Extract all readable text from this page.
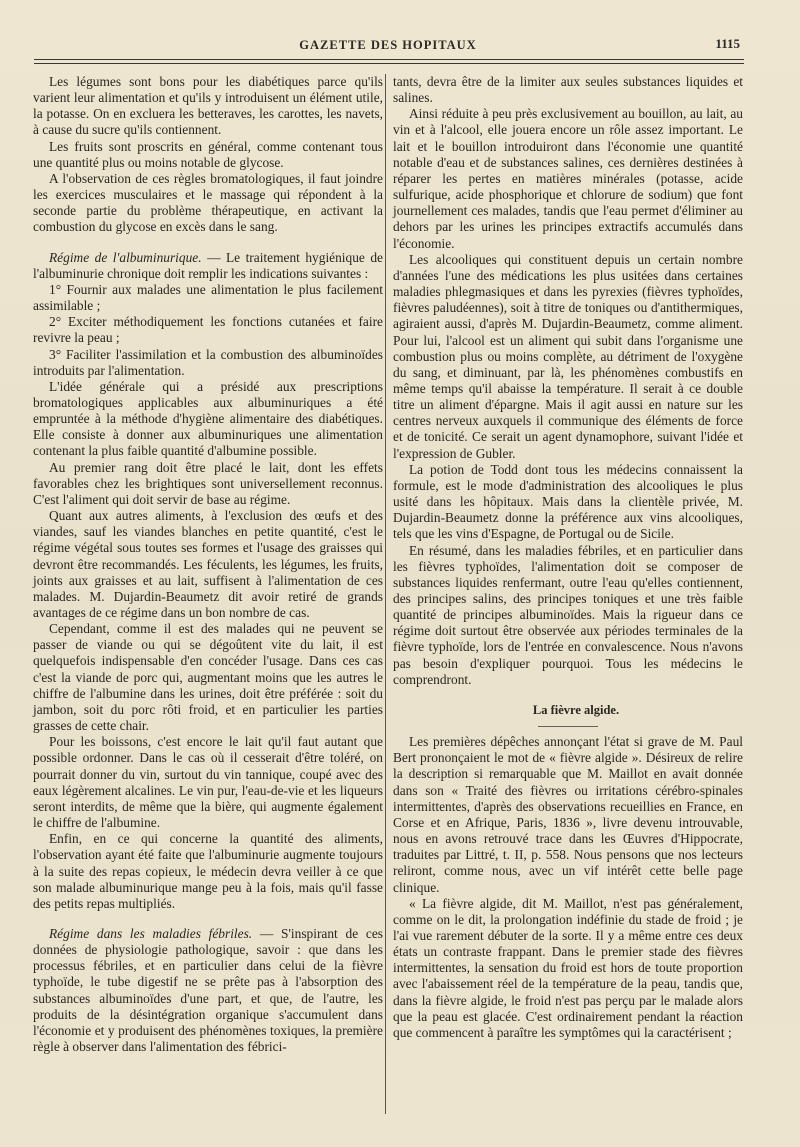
GAZETTE DES HOPITAUX	1115

Les légumes sont bons pour les diabétiques parce qu'ils varient leur alimentation et qu'ils y introduisent un élément utile, la potasse. On en excluera les betteraves, les carottes, les navets, à cause du sucre qu'ils contiennent.

Les fruits sont proscrits en général, comme contenant tous une quantité plus ou moins notable de glycose.

A l'observation de ces règles bromatologiques, il faut joindre les exercices musculaires et le massage qui répondent à la seconde partie du problème thérapeutique, en activant la combustion du glycose en excès dans le sang.

Régime de l'albuminurique. — Le traitement hygiénique de l'albuminurie chronique doit remplir les indications suivantes :

1° Fournir aux malades une alimentation le plus facilement assimilable ;

2° Exciter méthodiquement les fonctions cutanées et faire revivre la peau ;

3° Faciliter l'assimilation et la combustion des albuminoïdes introduits par l'alimentation.

L'idée générale qui a présidé aux prescriptions bromatologiques applicables aux albuminuriques a été empruntée à la méthode d'hygiène alimentaire des diabétiques. Elle consiste à donner aux albuminuriques une alimentation contenant la plus faible quantité d'albumine possible.

Au premier rang doit être placé le lait, dont les effets favorables chez les brightiques sont universellement reconnus. C'est l'aliment qui doit servir de base au régime.

Quant aux autres aliments, à l'exclusion des œufs et des viandes, sauf les viandes blanches en petite quantité, c'est le régime végétal sous toutes ses formes et l'usage des graisses qui devront être recommandés. Les féculents, les légumes, les fruits, joints aux graisses et au lait, suffisent à l'alimentation de ces malades. M. Dujardin-Beaumetz dit avoir retiré de grands avantages de ce régime dans un bon nombre de cas.

Cependant, comme il est des malades qui ne peuvent se passer de viande ou qui se dégoûtent vite du lait, il est quelquefois indispensable d'en concéder l'usage. Dans ces cas c'est la viande de porc qui, augmentant moins que les autres le chiffre de l'albumine dans les urines, doit être préférée : soit du jambon, soit du porc rôti froid, et en particulier les parties grasses de cette chair.

Pour les boissons, c'est encore le lait qu'il faut autant que possible ordonner. Dans le cas où il cesserait d'être toléré, on pourrait donner du vin, surtout du vin tannique, coupé avec des eaux légèrement alcalines. Le vin pur, l'eau-de-vie et les liqueurs seront interdits, de même que la bière, qui augmente également le chiffre de l'albumine.

Enfin, en ce qui concerne la quantité des aliments, l'observation ayant été faite que l'albuminurie augmente toujours à la suite des repas copieux, le médecin devra veiller à ce que son malade albuminurique mange peu à la fois, mais qu'il fasse des petits repas multipliés.

Régime dans les maladies fébriles. — S'inspirant de ces données de physiologie pathologique, savoir : que dans les processus fébriles, et en particulier dans celui de la fièvre typhoïde, le tube digestif ne se prête pas à l'absorption des substances albuminoïdes d'une part, et que, de l'autre, les produits de la désintégration organique s'accumulent dans l'économie et y produisent des phénomènes toxiques, la première règle à observer dans l'alimentation des fébrici-

tants, devra être de la limiter aux seules substances liquides et salines.

Ainsi réduite à peu près exclusivement au bouillon, au lait, au vin et à l'alcool, elle jouera encore un rôle assez important. Le lait et le bouillon introduiront dans l'économie une quantité notable d'eau et de substances salines, ces dernières destinées à réparer les pertes en matières minérales (potasse, acide sulfurique, acide phosphorique et chlorure de sodium) que font journellement ces malades, tandis que l'eau permet d'éliminer au dehors par les urines les principes extractifs accumulés dans l'économie.

Les alcooliques qui constituent depuis un certain nombre d'années l'une des médications les plus usitées dans certaines maladies phlegmasiques et dans les pyrexies (fièvres typhoïdes, fièvres paludéennes), soit à titre de toniques ou d'antithermiques, agiraient aussi, d'après M. Dujardin-Beaumetz, comme aliment. Pour lui, l'alcool est un aliment qui subit dans l'organisme une combustion plus ou moins complète, au détriment de l'oxygène du sang, et diminuant, par là, les phénomènes combustifs en même temps qu'il abaisse la température. Il serait à ce double titre un aliment d'épargne. Mais il agit aussi en nature sur les centres nerveux auxquels il communique des éléments de force et de tonicité. Ce serait un agent dynamophore, suivant l'idée et l'expression de Gubler.

La potion de Todd dont tous les médecins connaissent la formule, est le mode d'administration des alcooliques le plus usité dans les hôpitaux. Mais dans la clientèle privée, M. Dujardin-Beaumetz donne la préférence aux vins alcooliques, tels que les vins d'Espagne, de Portugal ou de Sicile.

En résumé, dans les maladies fébriles, et en particulier dans les fièvres typhoïdes, l'alimentation doit se composer de substances liquides renfermant, outre l'eau qu'elles contiennent, des principes salins, des principes toniques et une très faible quantité de principes albuminoïdes. Mais la rigueur dans ce régime doit surtout être observée aux périodes terminales de la fièvre typhoïde, lors de l'entrée en convalescence. Nous n'avons pas besoin d'expliquer pourquoi. Tous les médecins le comprendront.

La fièvre algide.

Les premières dépêches annonçant l'état si grave de M. Paul Bert prononçaient le mot de « fièvre algide ». Désireux de relire la description si remarquable que M. Maillot en avait donnée dans son « Traité des fièvres ou irritations cérébro-spinales intermittentes, d'après des observations recueillies en France, en Corse et en Afrique, Paris, 1836 », livre devenu introuvable, nous en avons retrouvé trace dans les Œuvres d'Hippocrate, traduites par Littré, t. II, p. 558. Nous pensons que nos lecteurs reliront, comme nous, avec un vif intérêt cette belle page clinique.

« La fièvre algide, dit M. Maillot, n'est pas généralement, comme on le dit, la prolongation indéfinie du stade de froid ; je l'ai vue rarement débuter de la sorte. Il y a même entre ces deux états un contraste frappant. Dans le premier stade des fièvres intermittentes, la sensation du froid est hors de toute proportion avec l'abaissement réel de la température de la peau, tandis que, dans la fièvre algide, le froid n'est pas perçu par le malade alors que la peau est glacée. C'est ordinairement pendant la réaction que commencent à paraître les symptômes qui la caractérisent ;
